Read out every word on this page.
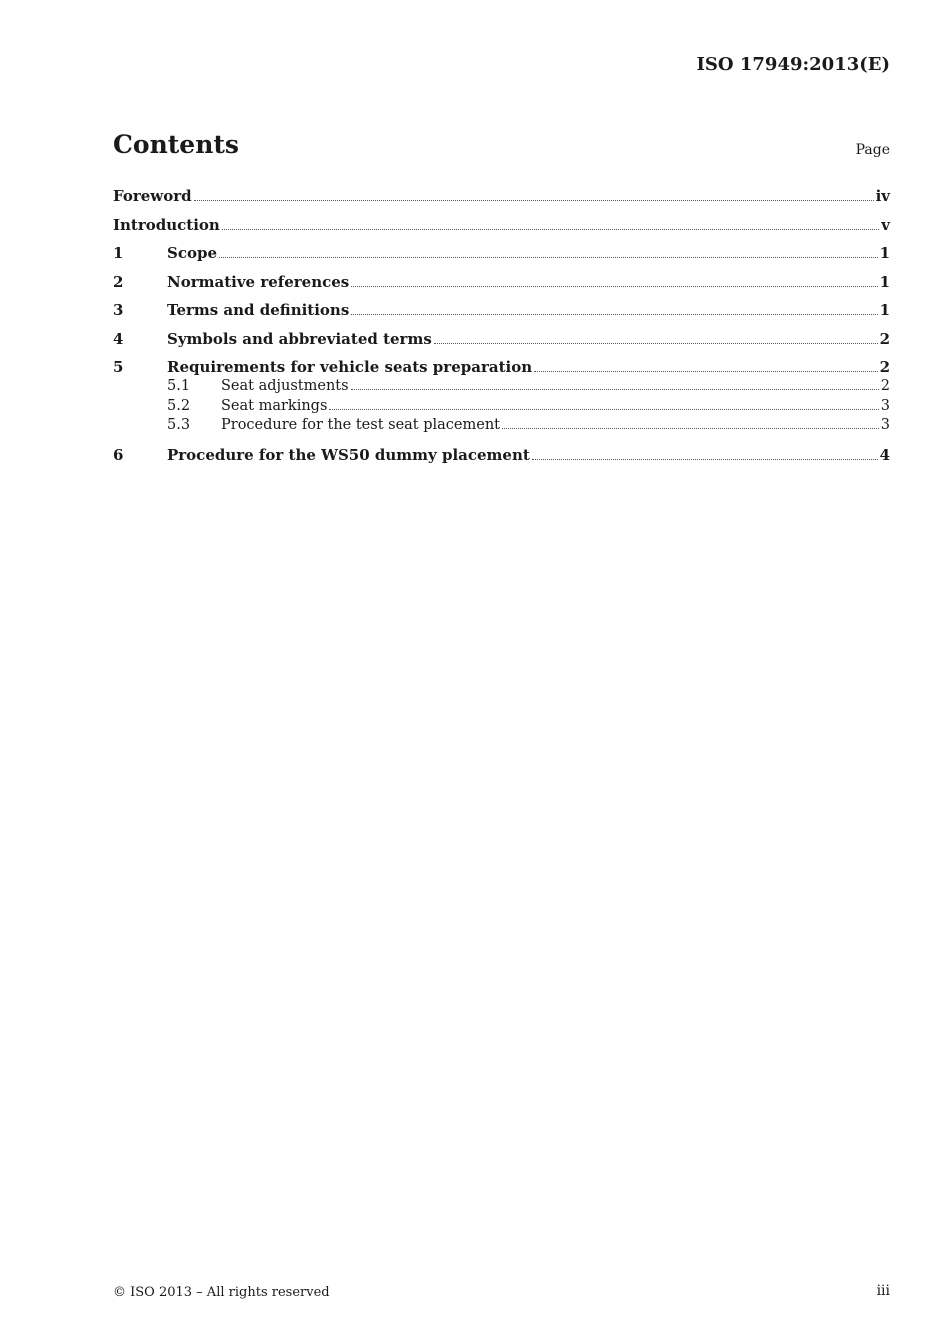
ISO 17949:2013(E)
Contents	Page
Foreword	iv
Introduction	v
1	Scope	1
2	Normative references	1
3	Terms and definitions	1
4	Symbols and abbreviated terms	2
5	Requirements for vehicle seats preparation	2
5.1	Seat adjustments	2
5.2	Seat markings	3
5.3	Procedure for the test seat placement	3
6	Procedure for the WS50 dummy placement	4
© ISO 2013 – All rights reserved	iii
